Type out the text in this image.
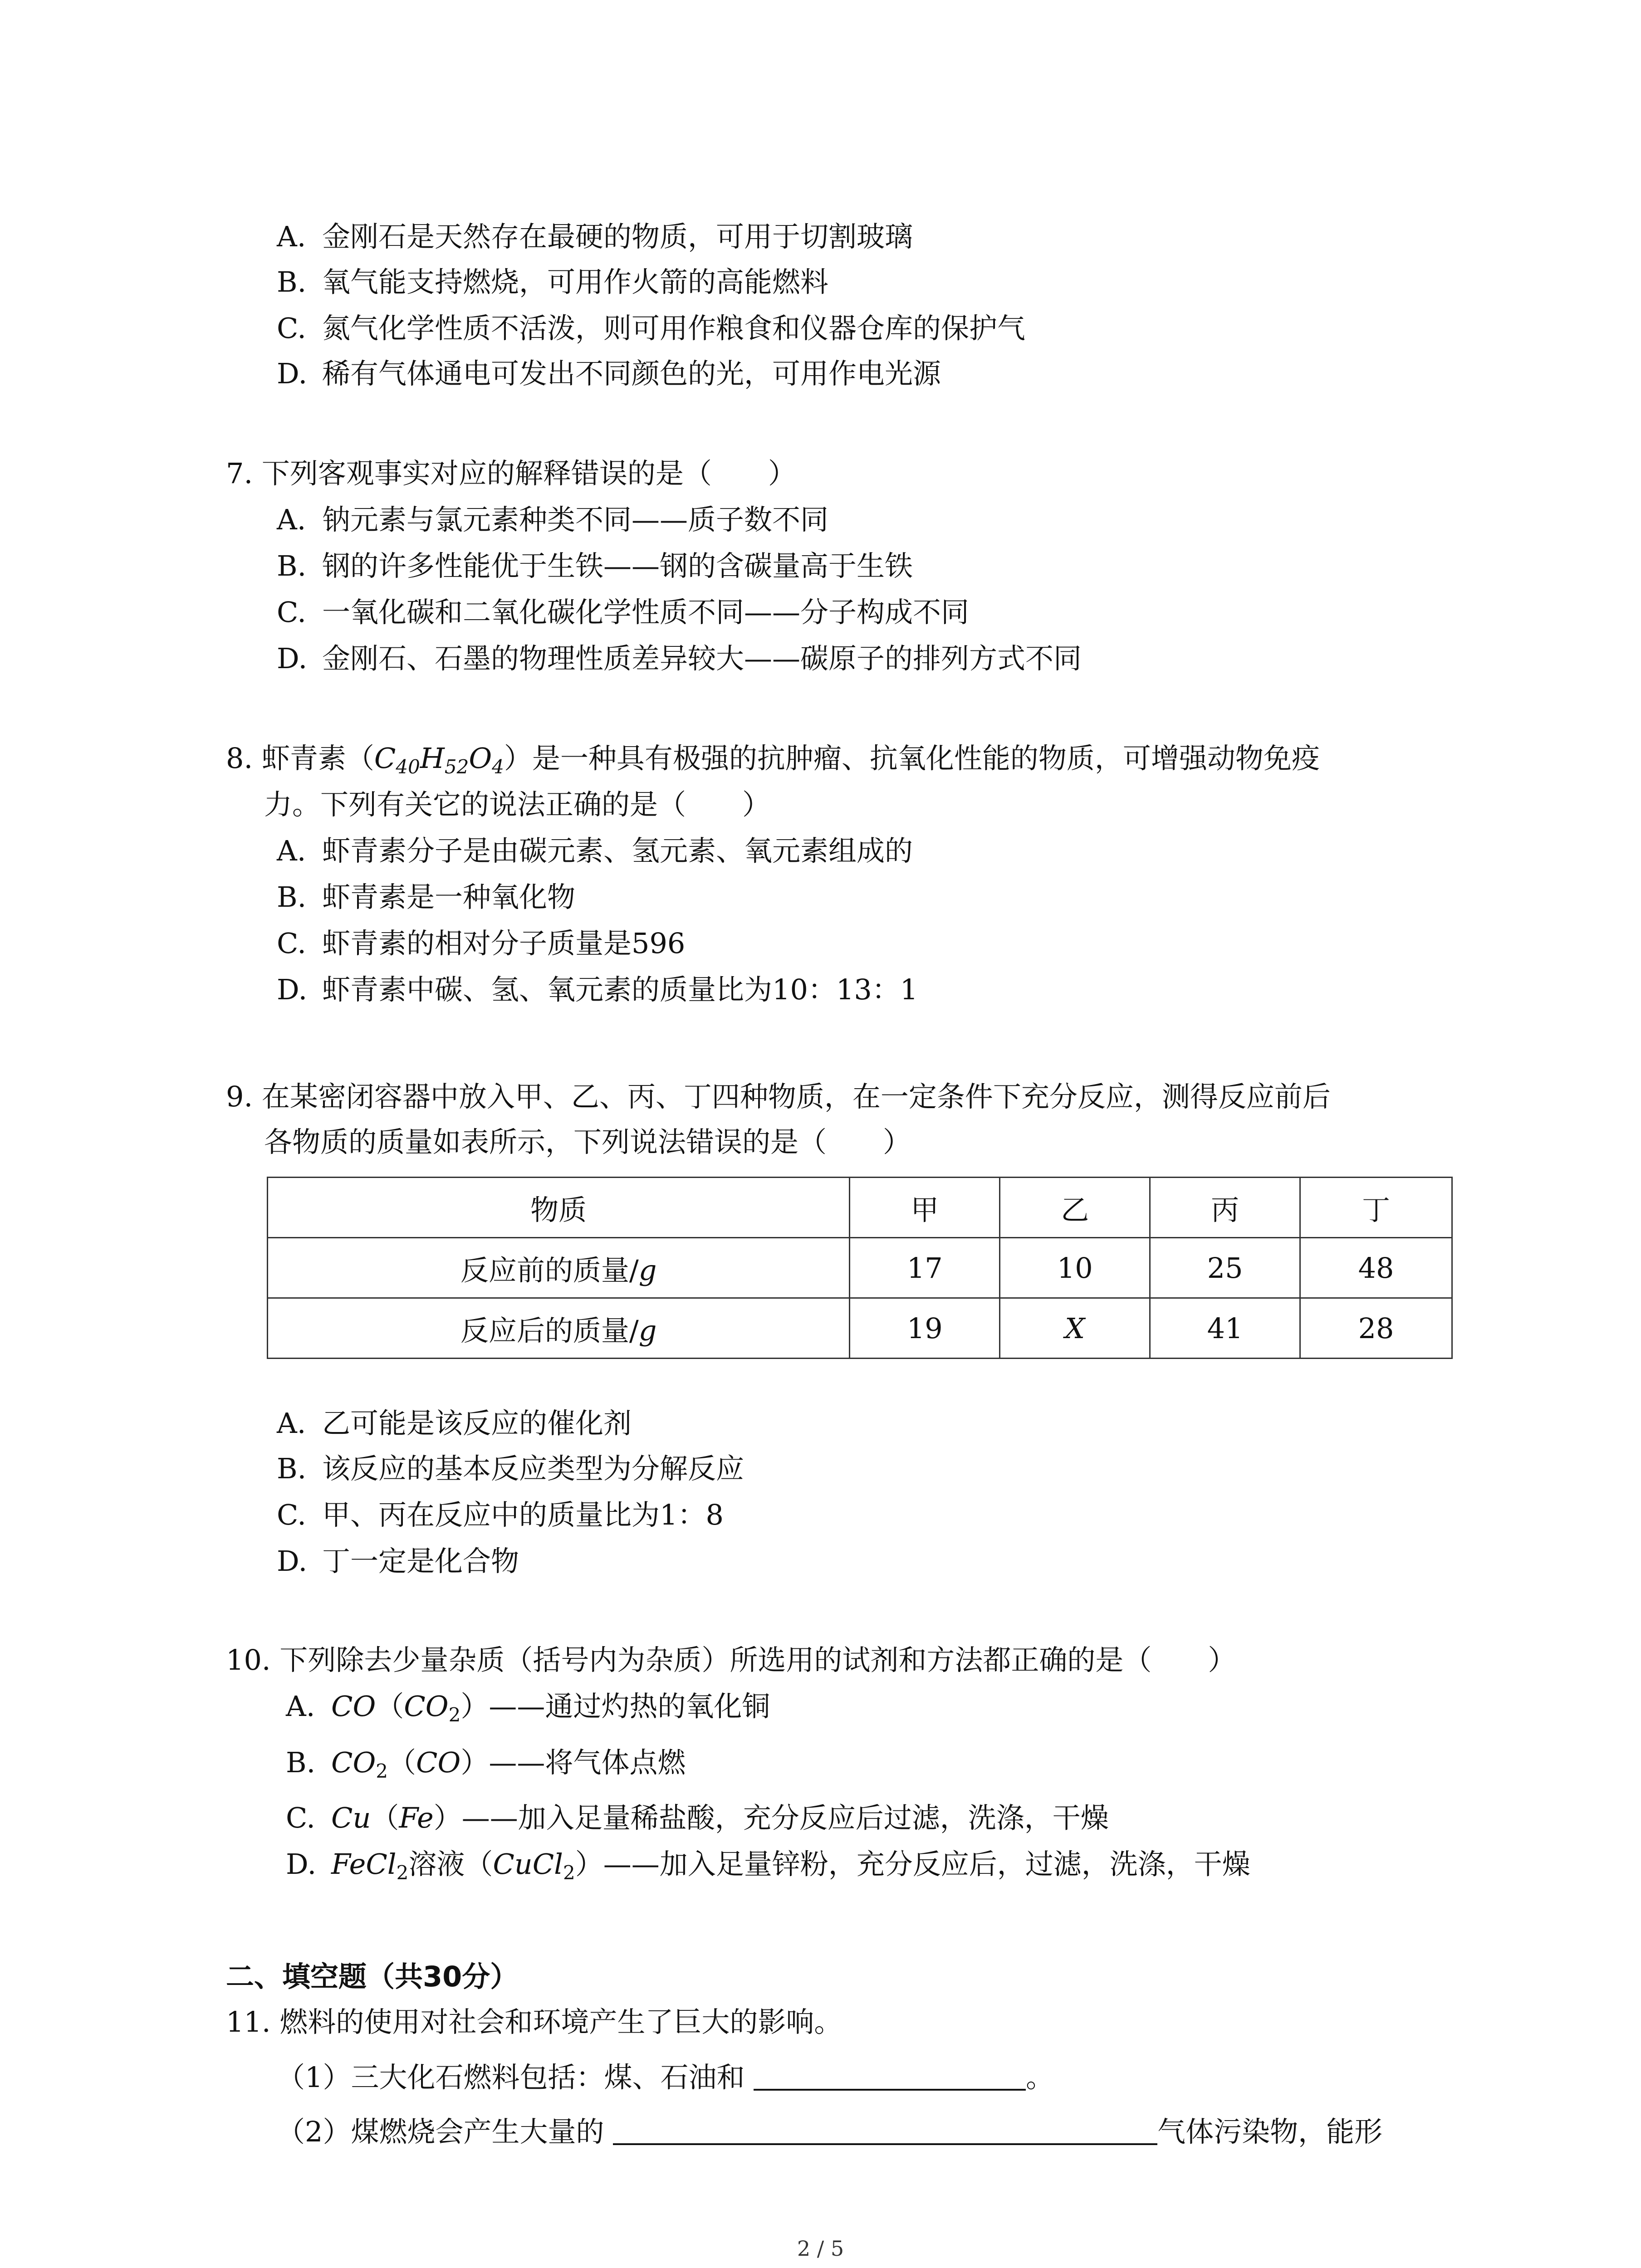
A. 金刚石是天然存在最硬的物质，可用于切割玻璃
B. 氧气能支持燃烧，可用作火箭的高能燃料
C. 氮气化学性质不活泼，则可用作粮食和仪器仓库的保护气
D. 稀有气体通电可发出不同颜色的光，可用作电光源
7. 下列客观事实对应的解释错误的是（　　）
A. 钠元素与氯元素种类不同——质子数不同
B. 钢的许多性能优于生铁——钢的含碳量高于生铁
C. 一氧化碳和二氧化碳化学性质不同——分子构成不同
D. 金刚石、石墨的物理性质差异较大——碳原子的排列方式不同
8. 虾青素$(C_{40}H_{52}O_4)$是一种具有极强的抗肿瘤、抗氧化性能的物质，可增强动物免疫
力。下列有关它的说法正确的是（　　）
A. 虾青素分子是由碳元素、氢元素、氧元素组成的
B. 虾青素是一种氧化物
C. 虾青素的相对分子质量是596
D. 虾青素中碳、氢、氧元素的质量比为10：13：1
9. 在某密闭容器中放入甲、乙、丙、丁四种物质，在一定条件下充分反应，测得反应前后
各物质的质量如表所示，下列说法错误的是（　　）
物质	甲	乙	丙	丁
反应前的质量/g	17	10	25	48
反应后的质量/g	19	X	41	28
A. 乙可能是该反应的催化剂
B. 该反应的基本反应类型为分解反应
C. 甲、丙在反应中的质量比为1：8
D. 丁一定是化合物
10. 下列除去少量杂质（括号内为杂质）所选用的试剂和方法都正确的是（　　）
A. $CO(CO_2)——$通过灼热的氧化铜
B. $CO_2(CO)——$将气体点燃
C. Cu（Fe）——加入足量稀盐酸，充分反应后过滤，洗涤，干燥
D. FeCl$_2$溶液（CuCl$_2$）——加入足量锌粉，充分反应后，过滤，洗涤，干燥
二、填空题（共30分）
11. 燃料的使用对社会和环境产生了巨大的影响。
（1）三大化石燃料包括：煤、石油和	。
（2）煤燃烧会产生大量的	气体污染物，能形
2 / 5
